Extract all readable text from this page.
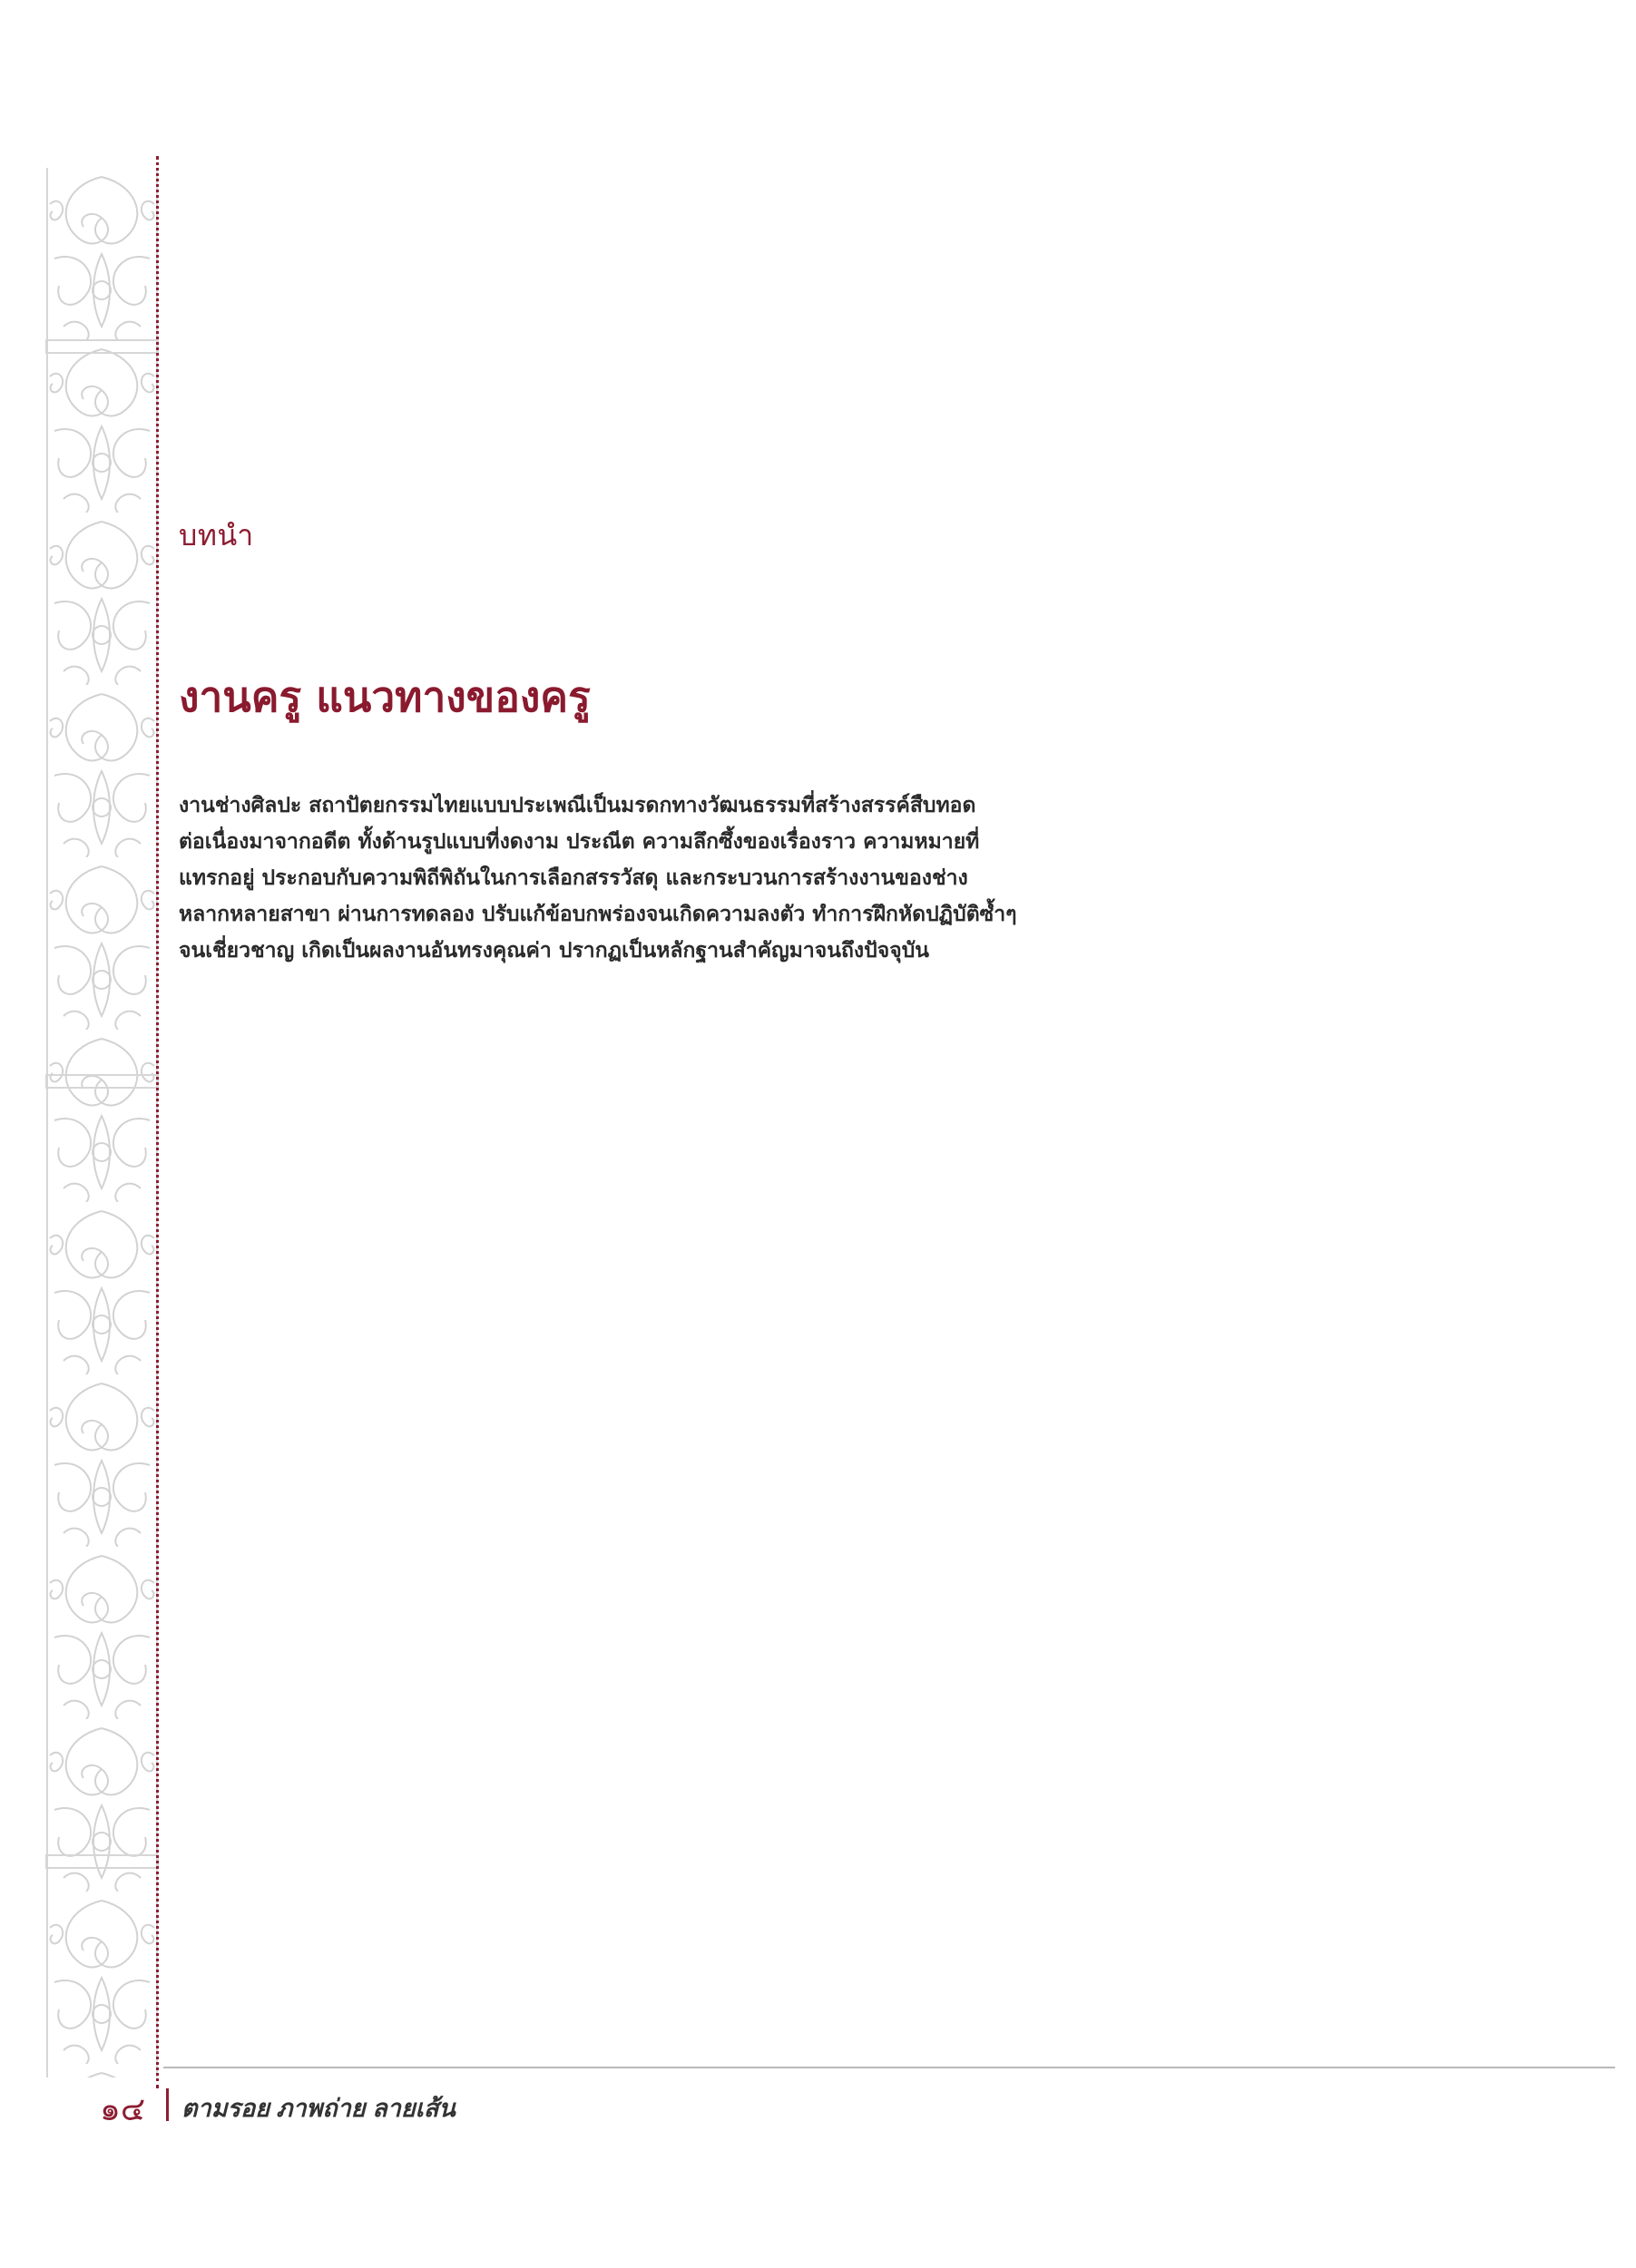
บทนำ
งานครู แนวทางของครู
งานช่างศิลปะ สถาปัตยกรรมไทยแบบประเพณีเป็นมรดกทางวัฒนธรรมที่สร้างสรรค์สืบทอด
ต่อเนื่องมาจากอดีต ทั้งด้านรูปแบบที่งดงาม ประณีต ความลึกซึ้งของเรื่องราว ความหมายที่
แทรกอยู่ ประกอบกับความพิถีพิถันในการเลือกสรรวัสดุ และกระบวนการสร้างงานของช่าง
หลากหลายสาขา ผ่านการทดลอง ปรับแก้ข้อบกพร่องจนเกิดความลงตัว ทำการฝึกหัดปฏิบัติซ้ำๆ
จนเชี่ยวชาญ เกิดเป็นผลงานอันทรงคุณค่า ปรากฏเป็นหลักฐานสำคัญมาจนถึงปัจจุบัน
๑๔ ตามรอย ภาพถ่าย ลายเส้น
